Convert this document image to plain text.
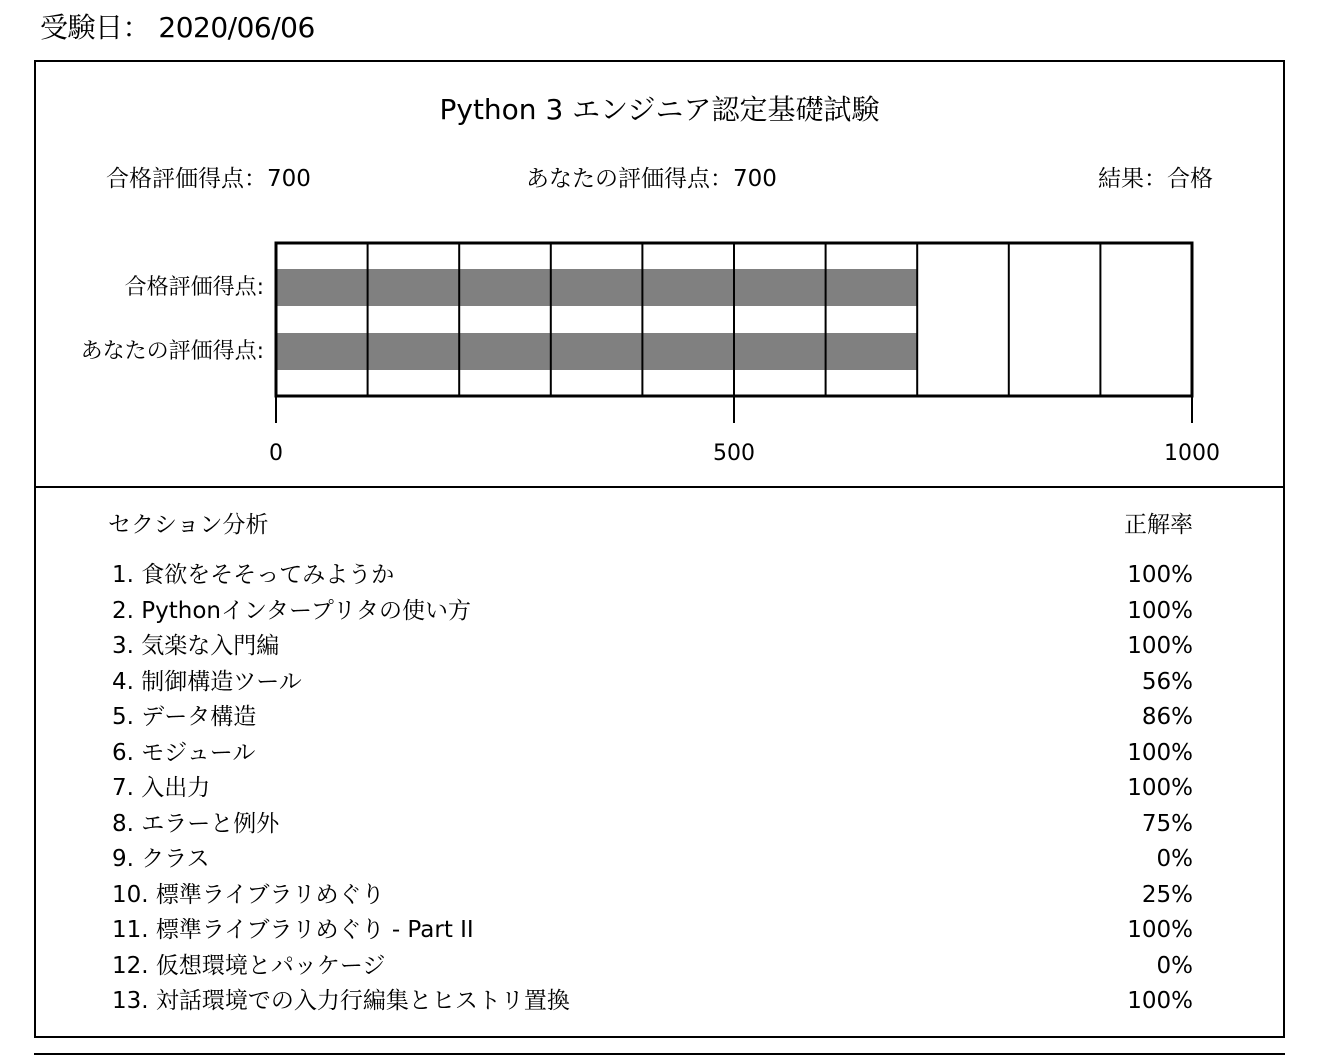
受験日： 2020/06/06
Python 3 エンジニア認定基礎試験
合格評価得点：700	あなたの評価得点：700	結果：合格
合格評価得点:
あなたの評価得点:
0	500	1000
セクション分析	正解率
1. 食欲をそそってみようか	100%
2. Pythonインタープリタの使い方	100%
3. 気楽な入門編	100%
4. 制御構造ツール	56%
5. データ構造	86%
6. モジュール	100%
7. 入出力	100%
8. エラーと例外	75%
9. クラス	0%
10. 標準ライブラリめぐり	25%
11. 標準ライブラリめぐり - Part II	100%
12. 仮想環境とパッケージ	0%
13. 対話環境での入力行編集とヒストリ置換	100%
